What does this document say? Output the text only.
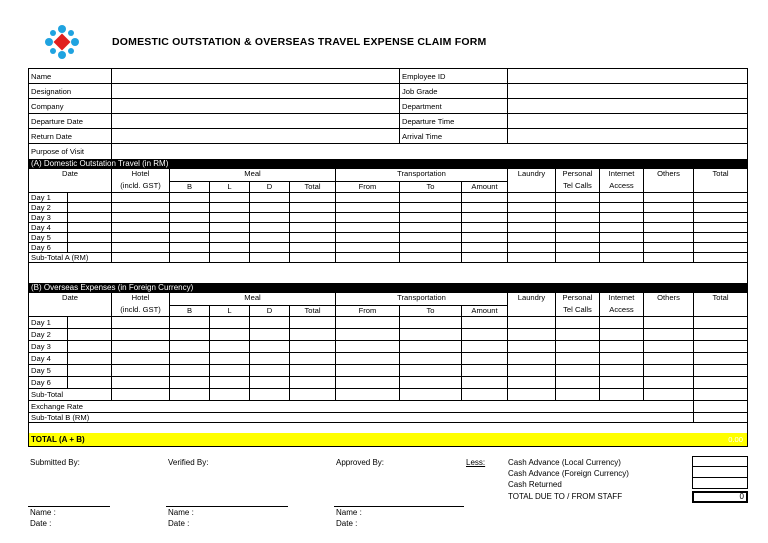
DOMESTIC OUTSTATION & OVERSEAS TRAVEL EXPENSE CLAIM FORM
Name	Employee ID
Designation	Job Grade
Company	Department
Departure Date	Departure Time
Return Date	Arrival Time
Purpose of Visit
(A) Domestic Outstation Travel (in RM)
Date	Hotel	Meal	Transportation	Laundry	Personal	Internet	Others	Total
(incld. GST)	B	L	D	Total	From	To	Amount	Tel Calls	Access
Day 1
Day 2
Day 3
Day 4
Day 5
Day 6
Sub-Total A (RM)
(B) Overseas Expenses (in Foreign Currency)
Date	Hotel	Meal	Transportation	Laundry	Personal	Internet	Others	Total
(incld. GST)	B	L	D	Total	From	To	Amount	Tel Calls	Access
Day 1
Day 2
Day 3
Day 4
Day 5
Day 6
Sub-Total
Exchange Rate
Sub-Total B (RM)
TOTAL (A + B)	0.00
Submitted By:	Verified By:	Approved By:
Name :
Date :
Name :
Date :
Name :
Date :
Less:	Cash Advance (Local Currency)
Cash Advance (Foreign Currency)
Cash Returned
TOTAL DUE TO / FROM STAFF	0
